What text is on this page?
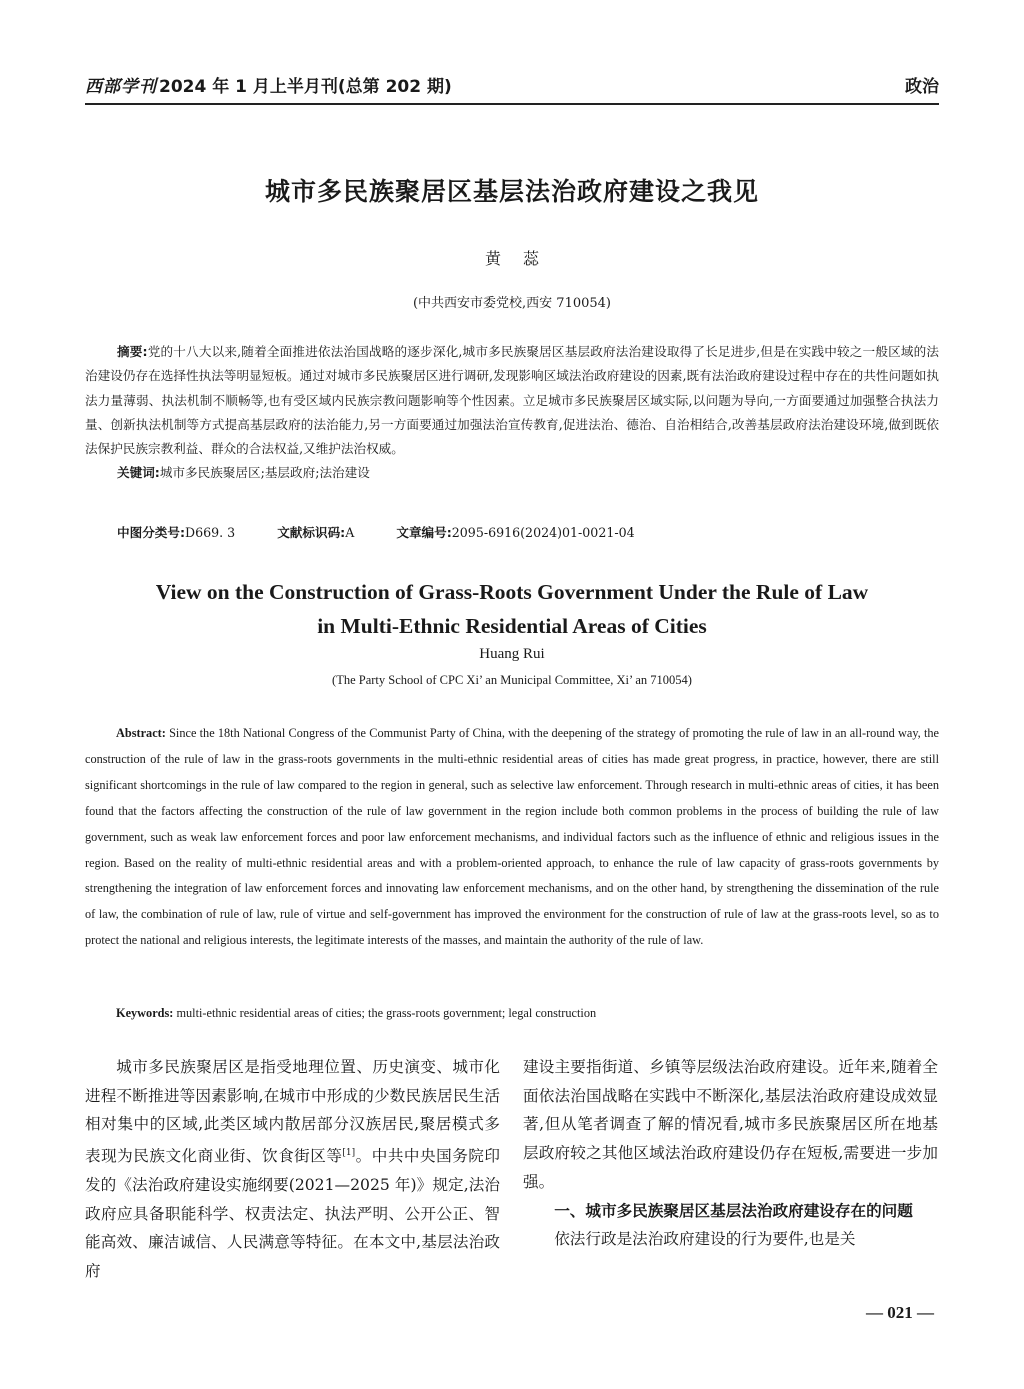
西部学刊 2024 年 1 月上半月刊(总第 202 期)	政治
城市多民族聚居区基层法治政府建设之我见
黄蕊
(中共西安市委党校,西安 710054)
摘要:党的十八大以来,随着全面推进依法治国战略的逐步深化,城市多民族聚居区基层政府法治建设取得了长足进步,但是在实践中较之一般区域的法治建设仍存在选择性执法等明显短板。通过对城市多民族聚居区进行调研,发现影响区域法治政府建设的因素,既有法治政府建设过程中存在的共性问题如执法力量薄弱、执法机制不顺畅等,也有受区域内民族宗教问题影响等个性因素。立足城市多民族聚居区域实际,以问题为导向,一方面要通过加强整合执法力量、创新执法机制等方式提高基层政府的法治能力,另一方面要通过加强法治宣传教育,促进法治、德治、自治相结合,改善基层政府法治建设环境,做到既依法保护民族宗教利益、群众的合法权益,又维护法治权威。
关键词:城市多民族聚居区;基层政府;法治建设
中图分类号:D669. 3	文献标识码:A	文章编号:2095-6916(2024)01-0021-04
View on the Construction of Grass-Roots Government Under the Rule of Law
in Multi-Ethnic Residential Areas of Cities
Huang Rui
(The Party School of CPC Xi’ an Municipal Committee, Xi’ an 710054)
Abstract: Since the 18th National Congress of the Communist Party of China, with the deepening of the strategy of promoting the rule of law in an all-round way, the construction of the rule of law in the grass-roots governments in the multi-ethnic residential areas of cities has made great progress, in practice, however, there are still significant shortcomings in the rule of law compared to the region in general, such as selective law enforcement. Through research in multi-ethnic areas of cities, it has been found that the factors affecting the construction of the rule of law government in the region include both common problems in the process of building the rule of law government, such as weak law enforcement forces and poor law enforcement mechanisms, and individual factors such as the influence of ethnic and religious issues in the region. Based on the reality of multi-ethnic residential areas and with a problem-oriented approach, to enhance the rule of law capacity of grass-roots governments by strengthening the integration of law enforcement forces and innovating law enforcement mechanisms, and on the other hand, by strengthening the dissemination of the rule of law, the combination of rule of law, rule of virtue and self-government has improved the environment for the construction of rule of law at the grass-roots level, so as to protect the national and religious interests, the legitimate interests of the masses, and maintain the authority of the rule of law.
Keywords: multi-ethnic residential areas of cities; the grass-roots government; legal construction

城市多民族聚居区是指受地理位置、历史演变、城市化进程不断推进等因素影响,在城市中形成的少数民族居民生活相对集中的区域,此类区域内散居部分汉族居民,聚居模式多表现为民族文化商业街、饮食街区等[1]。中共中央国务院印发的《法治政府建设实施纲要(2021—2025 年)》规定,法治政府应具备职能科学、权责法定、执法严明、公开公正、智能高效、廉洁诚信、人民满意等特征。在本文中,基层法治政府

建设主要指街道、乡镇等层级法治政府建设。近年来,随着全面依法治国战略在实践中不断深化,基层法治政府建设成效显著,但从笔者调查了解的情况看,城市多民族聚居区所在地基层政府较之其他区域法治政府建设仍存在短板,需要进一步加强。

一、城市多民族聚居区基层法治政府建设存在的问题

依法行政是法治政府建设的行为要件,也是关

— 021 —
